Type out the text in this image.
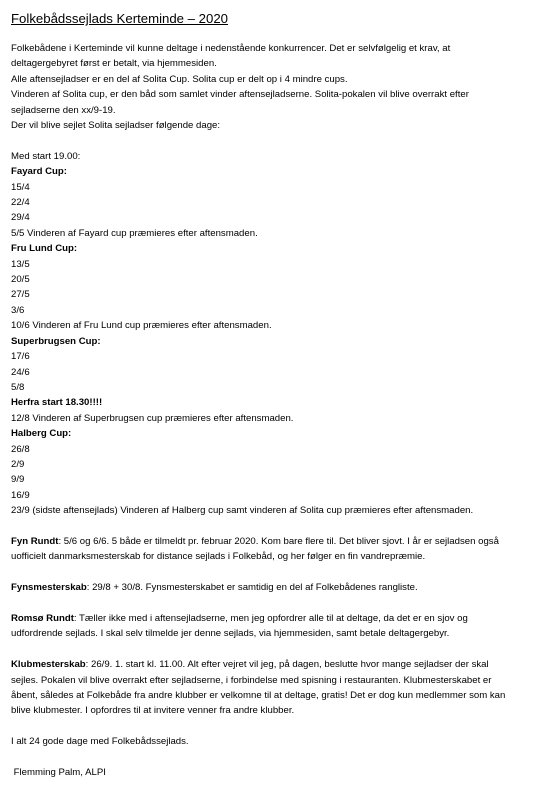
Folkebådssejlads Kerteminde – 2020
Folkebådene i Kerteminde vil kunne deltage i nedenstående konkurrencer. Det er selvfølgelig et krav, at
deltagergebyret først er betalt, via hjemmesiden.
Alle aftensejladser er en del af Solita Cup. Solita cup er delt op i 4 mindre cups.
Vinderen af Solita cup, er den båd som samlet vinder aftensejladserne. Solita-pokalen vil blive overrakt efter
sejladserne den xx/9-19.
Der vil blive sejlet Solita sejladser følgende dage:
Med start 19.00:
Fayard Cup:
15/4
22/4
29/4
5/5 Vinderen af Fayard cup præmieres efter aftensmaden.
Fru Lund Cup:
13/5
20/5
27/5
3/6
10/6 Vinderen af Fru Lund cup præmieres efter aftensmaden.
Superbrugsen Cup:
17/6
24/6
5/8
Herfra start 18.30!!!!
12/8 Vinderen af Superbrugsen cup præmieres efter aftensmaden.
Halberg Cup:
26/8
2/9
9/9
16/9
23/9 (sidste aftensejlads) Vinderen af Halberg cup samt vinderen af Solita cup præmieres efter aftensmaden.
Fyn Rundt: 5/6 og 6/6. 5 både er tilmeldt pr. februar 2020. Kom bare flere til. Det bliver sjovt. I år er sejladsen også
uofficielt danmarksmesterskab for distance sejlads i Folkebåd, og her følger en fin vandrepræmie.
Fynsmesterskab: 29/8 + 30/8. Fynsmesterskabet er samtidig en del af Folkebådenes rangliste.
Romsø Rundt: Tæller ikke med i aftensejladserne, men jeg opfordrer alle til at deltage, da det er en sjov og
udfordrende sejlads. I skal selv tilmelde jer denne sejlads, via hjemmesiden, samt betale deltagergebyr.
Klubmesterskab: 26/9. 1. start kl. 11.00. Alt efter vejret vil jeg, på dagen, beslutte hvor mange sejladser der skal
sejles. Pokalen vil blive overrakt efter sejladserne, i forbindelse med spisning i restauranten. Klubmesterskabet er
åbent, således at Folkebåde fra andre klubber er velkomne til at deltage, gratis! Det er dog kun medlemmer som kan
blive klubmester. I opfordres til at invitere venner fra andre klubber.
I alt 24 gode dage med Folkebådssejlads.
Flemming Palm, ALPI
